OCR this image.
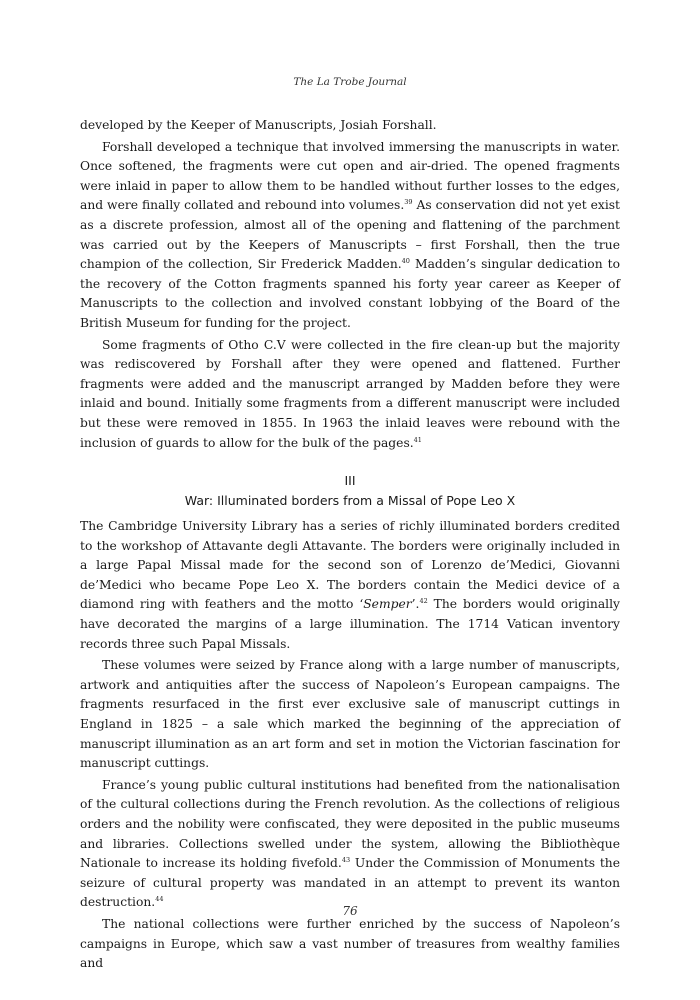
The La Trobe Journal

developed by the Keeper of Manuscripts, Josiah Forshall.

Forshall developed a technique that involved immersing the manuscripts in water. Once softened, the fragments were cut open and air-dried. The opened fragments were inlaid in paper to allow them to be handled without further losses to the edges, and were finally collated and rebound into volumes.$^{39}$ As conservation did not yet exist as a discrete profession, almost all of the opening and flattening of the parchment was carried out by the Keepers of Manuscripts – first Forshall, then the true champion of the collection, Sir Frederick Madden.$^{40}$ Madden’s singular dedication to the recovery of the Cotton fragments spanned his forty year career as Keeper of Manuscripts to the collection and involved constant lobbying of the Board of the British Museum for funding for the project.

Some fragments of Otho C.V were collected in the fire clean-up but the majority was rediscovered by Forshall after they were opened and flattened. Further fragments were added and the manuscript arranged by Madden before they were inlaid and bound. Initially some fragments from a different manuscript were included but these were removed in 1855. In 1963 the inlaid leaves were rebound with the inclusion of guards to allow for the bulk of the pages.$^{41}$

III
War: Illuminated borders from a Missal of Pope Leo X

The Cambridge University Library has a series of richly illuminated borders credited to the workshop of Attavante degli Attavante. The borders were originally included in a large Papal Missal made for the second son of Lorenzo de’Medici, Giovanni de’Medici who became Pope Leo X. The borders contain the Medici device of a diamond ring with feathers and the motto ‘Semper’.$^{42}$ The borders would originally have decorated the margins of a large illumination. The 1714 Vatican inventory records three such Papal Missals.

These volumes were seized by France along with a large number of manuscripts, artwork and antiquities after the success of Napoleon’s European campaigns. The fragments resurfaced in the first ever exclusive sale of manuscript cuttings in England in 1825 – a sale which marked the beginning of the appreciation of manuscript illumination as an art form and set in motion the Victorian fascination for manuscript cuttings.

France’s young public cultural institutions had benefited from the nationalisation of the cultural collections during the French revolution. As the collections of religious orders and the nobility were confiscated, they were deposited in the public museums and libraries. Collections swelled under the system, allowing the Bibliothèque Nationale to increase its holding fivefold.$^{43}$ Under the Commission of Monuments the seizure of cultural property was mandated in an attempt to prevent its wanton destruction.$^{44}$

The national collections were further enriched by the success of Napoleon’s campaigns in Europe, which saw a vast number of treasures from wealthy families and

76
